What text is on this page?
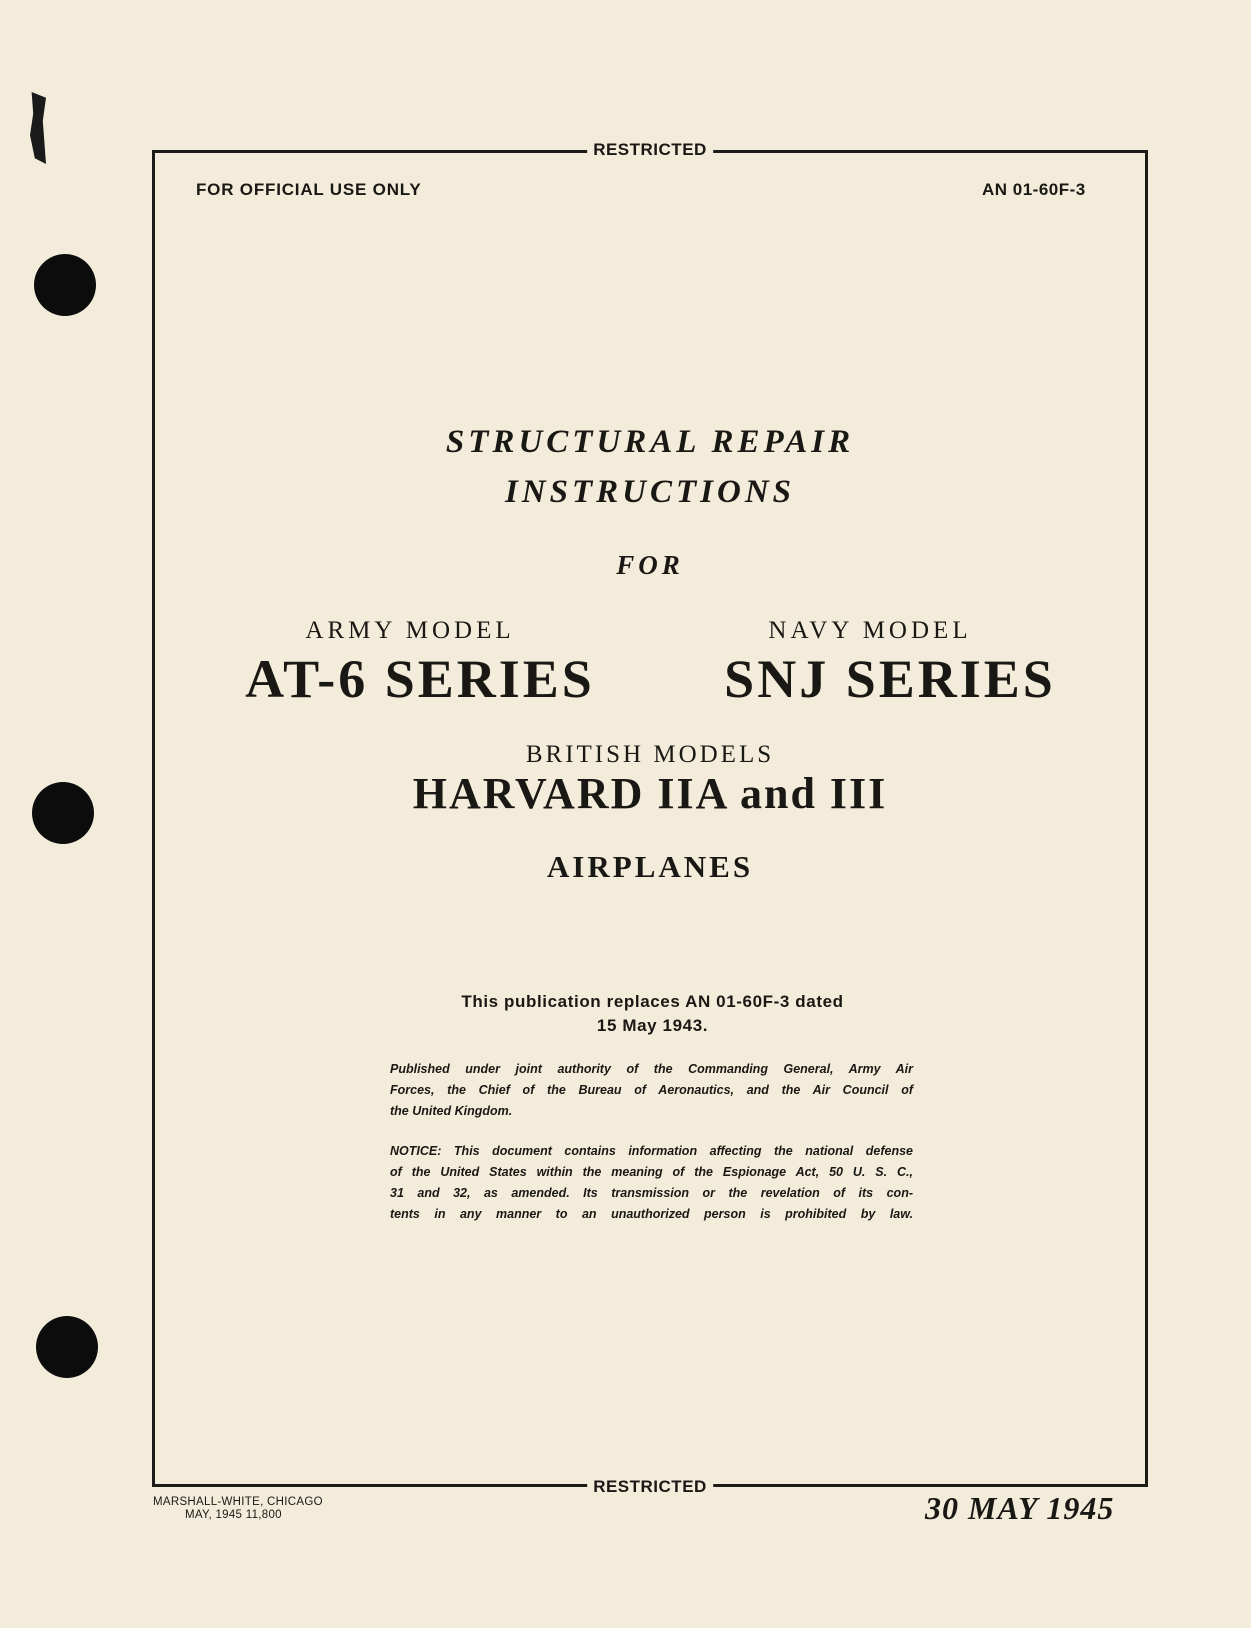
RESTRICTED
RESTRICTED
FOR OFFICIAL USE ONLY	AN 01-60F-3
STRUCTURAL REPAIR
INSTRUCTIONS
FOR
ARMY MODEL	NAVY MODEL
AT-6 SERIES	SNJ SERIES
BRITISH MODELS
HARVARD IIA and III
AIRPLANES
This publication replaces AN 01-60F-3 dated
15 May 1943.
Published under joint authority of the Commanding General, Army Air
Forces, the Chief of the Bureau of Aeronautics, and the Air Council of
the United Kingdom.
NOTICE: This document contains information affecting the national defense
of the United States within the meaning of the Espionage Act, 50 U. S. C.,
31 and 32, as amended. Its transmission or the revelation of its con-
tents in any manner to an unauthorized person is prohibited by law.
MARSHALL-WHITE, CHICAGO
MAY, 1945 11,800	30 MAY 1945
